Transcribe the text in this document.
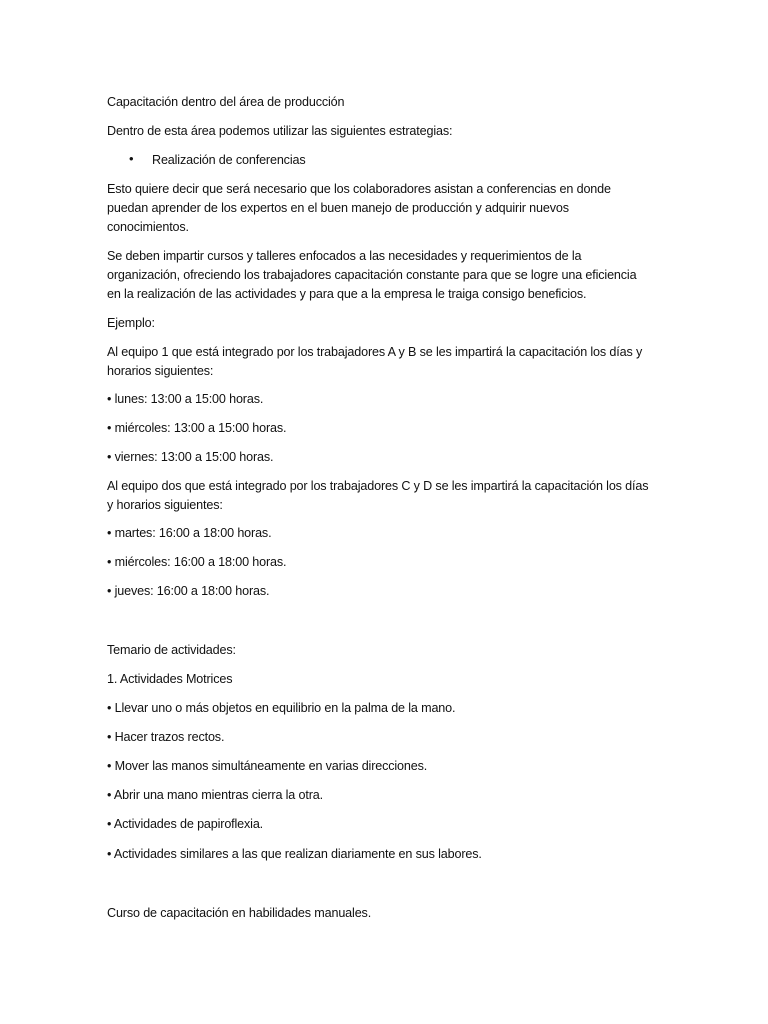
Capacitación dentro del área de producción
Dentro de esta área podemos utilizar las siguientes estrategias:
• Realización de conferencias
Esto quiere decir que será necesario que los colaboradores asistan a conferencias en donde
puedan aprender de los expertos en el buen manejo de producción y adquirir nuevos
conocimientos.
Se deben impartir cursos y talleres enfocados a las necesidades y requerimientos de la
organización, ofreciendo los trabajadores capacitación constante para que se logre una eficiencia
en la realización de las actividades y para que a la empresa le traiga consigo beneficios.
Ejemplo:
Al equipo 1 que está integrado por los trabajadores A y B se les impartirá la capacitación los días y
horarios siguientes:
• lunes: 13:00 a 15:00 horas.
• miércoles: 13:00 a 15:00 horas.
• viernes: 13:00 a 15:00 horas.
Al equipo dos que está integrado por los trabajadores C y D se les impartirá la capacitación los días
y horarios siguientes:
• martes: 16:00 a 18:00 horas.
• miércoles: 16:00 a 18:00 horas.
• jueves: 16:00 a 18:00 horas.
Temario de actividades:
1. Actividades Motrices
• Llevar uno o más objetos en equilibrio en la palma de la mano.
• Hacer trazos rectos.
• Mover las manos simultáneamente en varias direcciones.
• Abrir una mano mientras cierra la otra.
• Actividades de papiroflexia.
• Actividades similares a las que realizan diariamente en sus labores.
Curso de capacitación en habilidades manuales.
